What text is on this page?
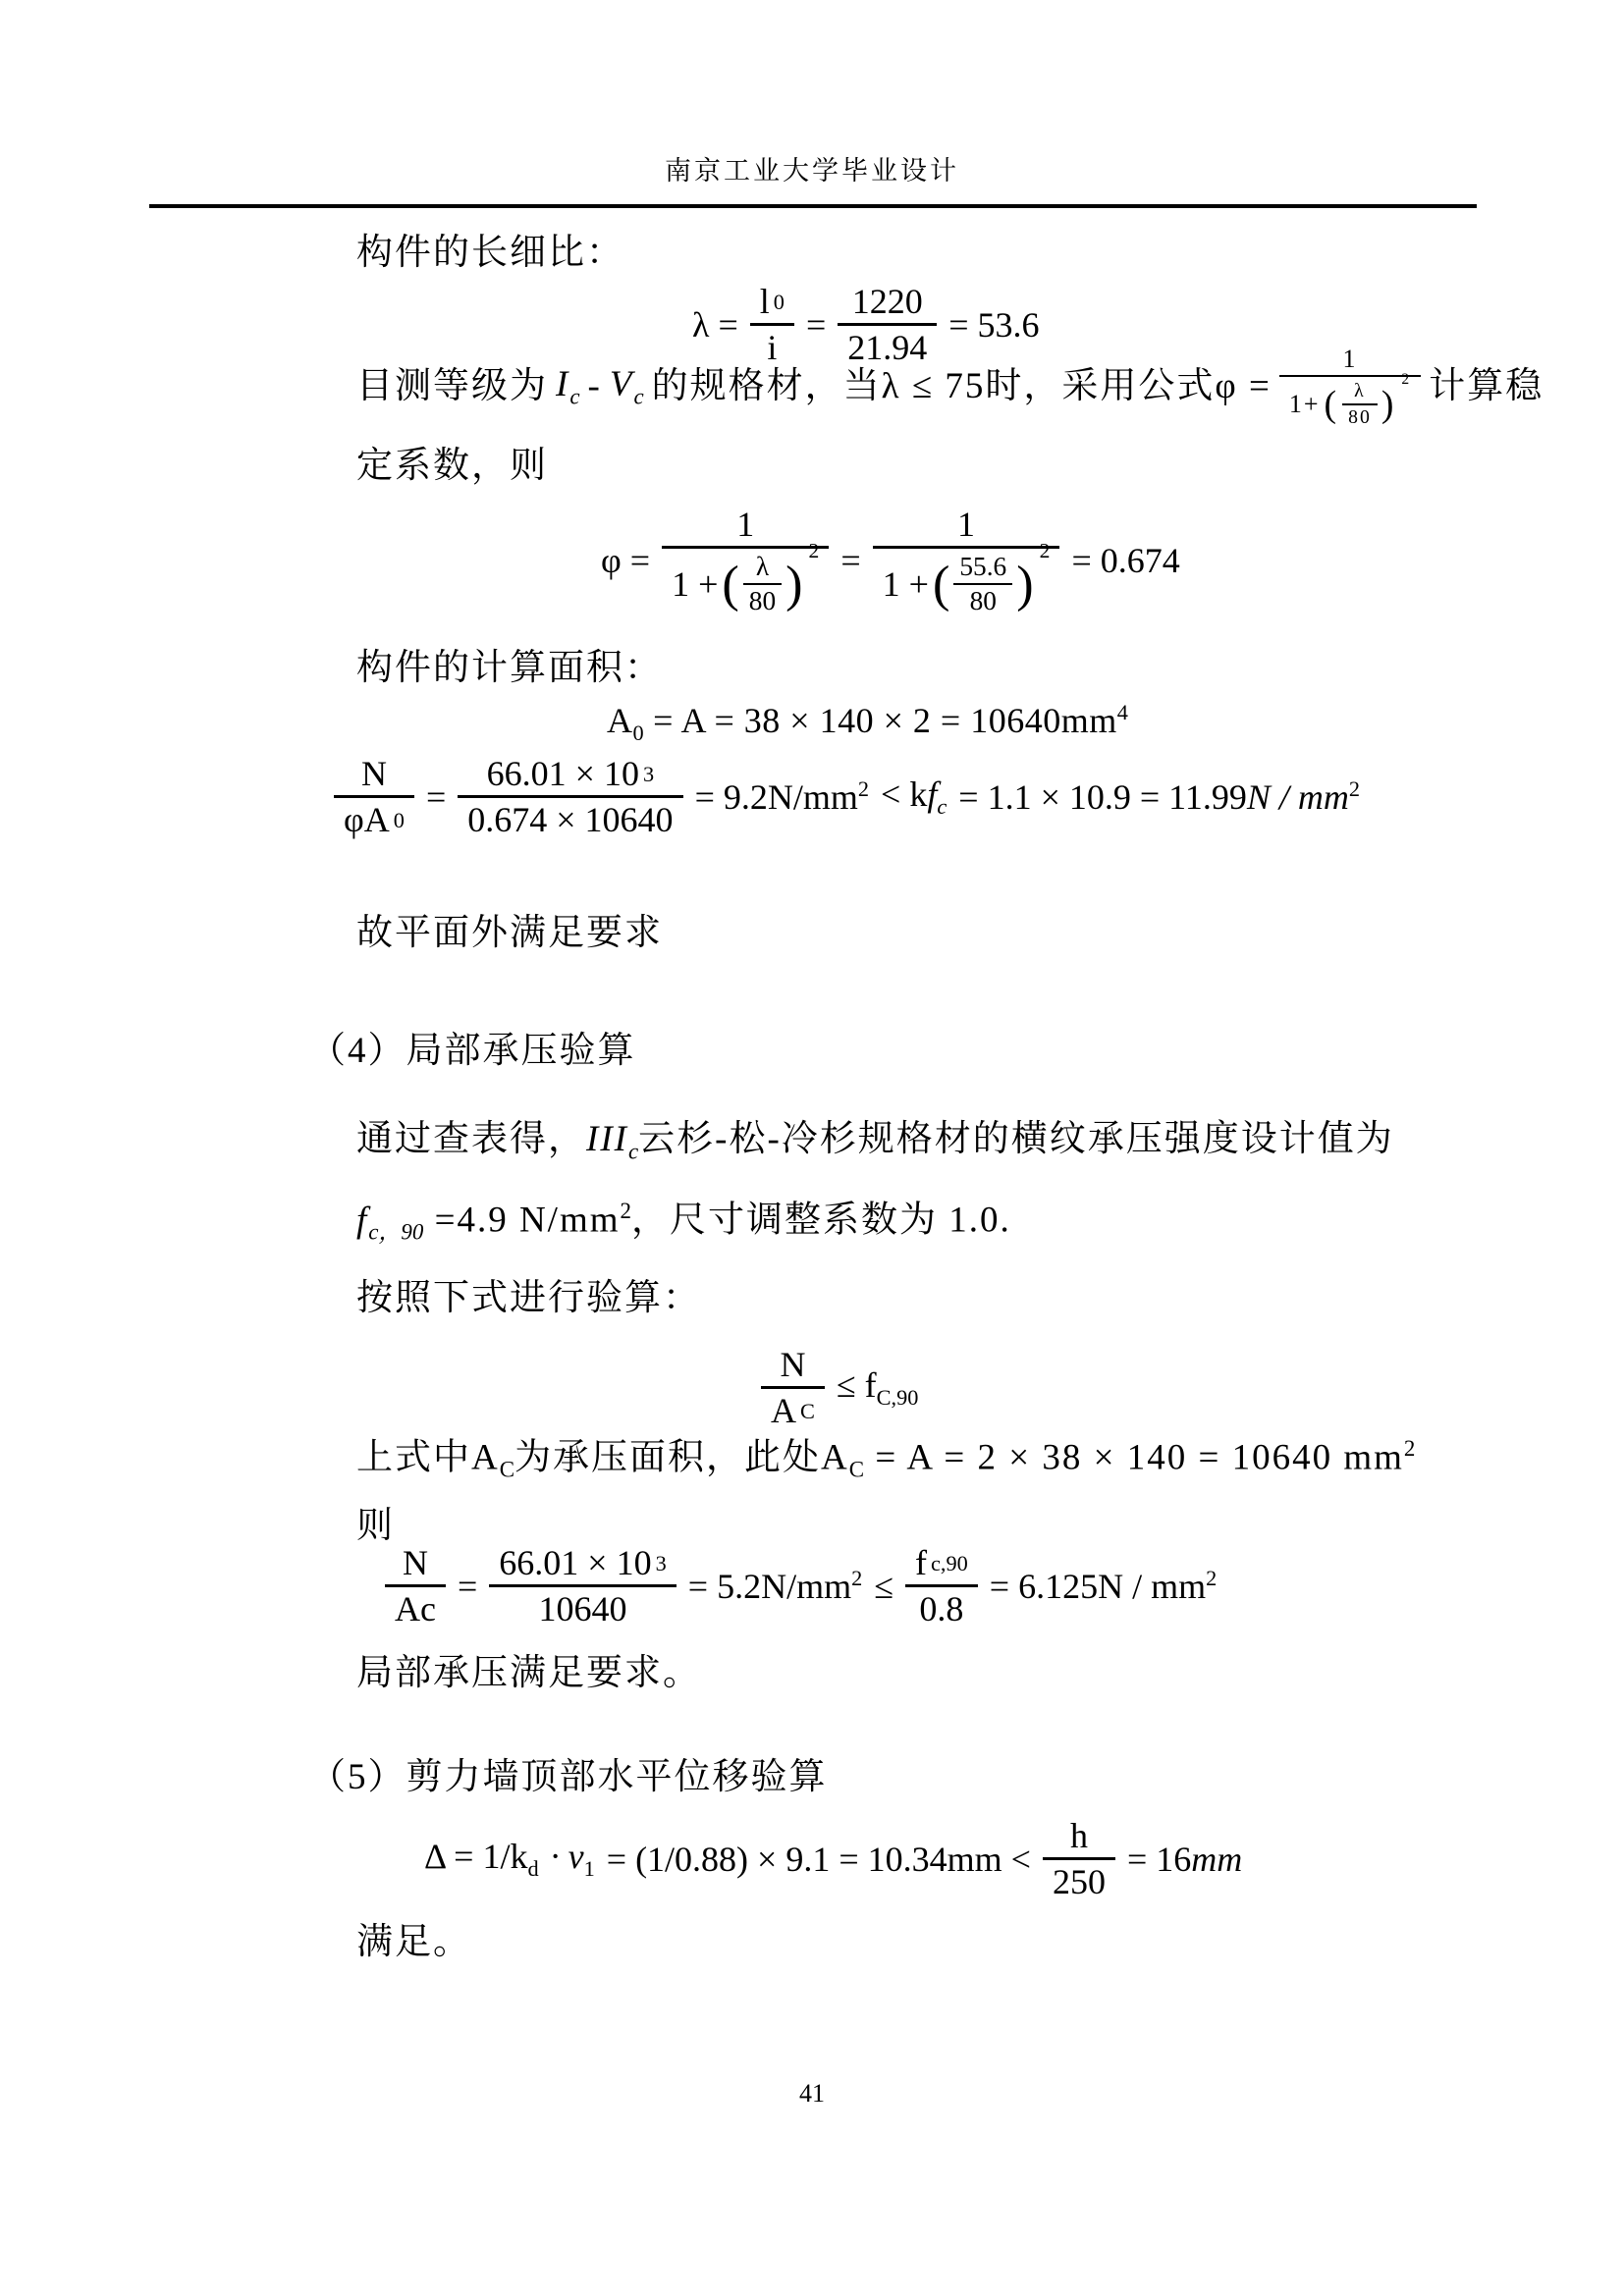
南京工业大学毕业设计
构件的长细比：
$\lambda = \frac{l 0}{i} = \frac{1220}{21.94} = 53.6$
目测等级为 $I_c - V_c$ 的规格材，当λ ≤ 75时，采用公式φ =
1
1+ ( $\frac{\lambda}{80}$ )
2 计算稳
定系数，则
φ =
1
1 + ( $\frac{\lambda}{80}$ )
2 =
1
1 + ( $\frac{55.6}{80}$ )
2 = 0.674
构件的计算面积：
$A_0 = A = 38 \times 140 \times 2 = 10640mm^4$
$\frac{N}{\varphi A 0} = \frac{66.01 \times 10 3}{0.674 \times 10640} = 9.2N/mm^2 < kf_c = 1.1 \times 10.9 = 11.99N / mm^2$
故平面外满足要求
（4）局部承压验算
通过查表得，$III_c$云杉-松-冷杉规格材的横纹承压强度设计值为
$f_{c,90} =4.9$ $N/mm^2$，尺寸调整系数为 1.0.
按照下式进行验算：
$\frac{N}{\text{A C}} \le f_{C,90}$
上式中$A_C$为承压面积，此处$A_C = A = 2 \times 38 \times 140 = 10640$ $mm^2$
则
$\frac{N}{Ac} = \frac{66.01 \times 10 3}{10640} = 5.2N/mm^2 \le \frac{\text{f c,90}}{0.8} = 6.125N / mm^2$
局部承压满足要求。
（5）剪力墙顶部水平位移验算
$\Delta = 1/k_d \cdot \nu_1 = (1/0.88) \times 9.1 = 10.34mm < \frac{h}{250} = 16mm$
满足。
41
